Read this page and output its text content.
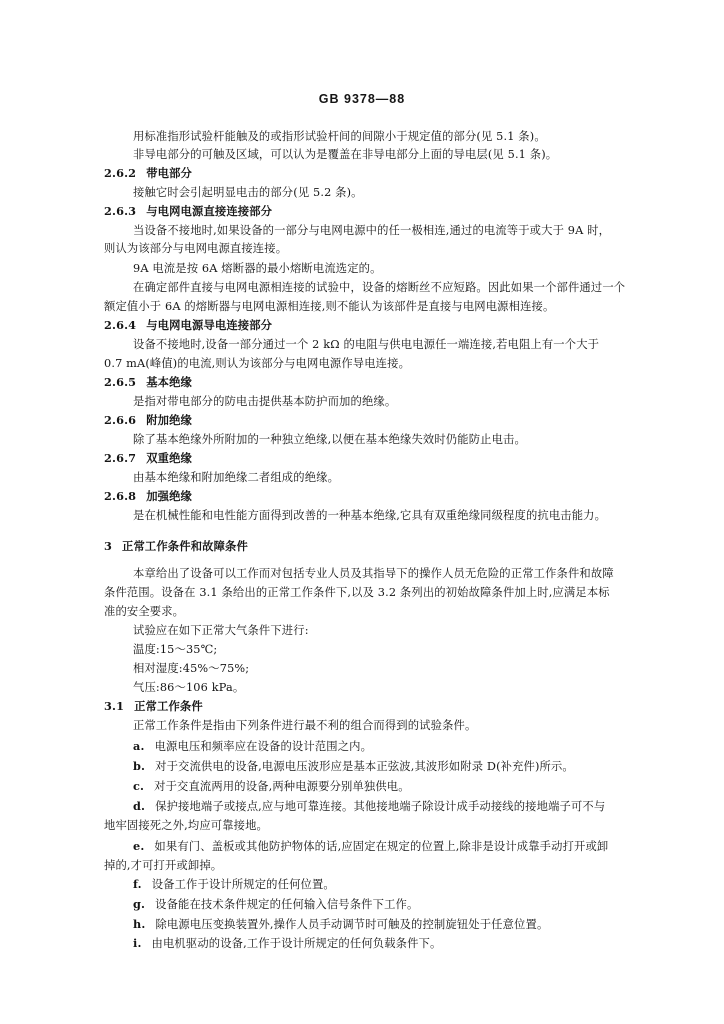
GB 9378—88
用标准指形试验杆能触及的或指形试验杆间的间隙小于规定值的部分(见 5.1 条)。
非导电部分的可触及区域，可以认为是覆盖在非导电部分上面的导电层(见 5.1 条)。
2.6.2 带电部分
接触它时会引起明显电击的部分(见 5.2 条)。
2.6.3 与电网电源直接连接部分
当设备不接地时,如果设备的一部分与电网电源中的任一极相连,通过的电流等于或大于 9A 时，
则认为该部分与电网电源直接连接。
9A 电流是按 6A 熔断器的最小熔断电流选定的。
在确定部件直接与电网电源相连接的试验中，设备的熔断丝不应短路。因此如果一个部件通过一个
额定值小于 6A 的熔断器与电网电源相连接,则不能认为该部件是直接与电网电源相连接。
2.6.4 与电网电源导电连接部分
设备不接地时,设备一部分通过一个 2 kΩ 的电阻与供电电源任一端连接,若电阻上有一个大于
0.7 mA(峰值)的电流,则认为该部分与电网电源作导电连接。
2.6.5 基本绝缘
是指对带电部分的防电击提供基本防护而加的绝缘。
2.6.6 附加绝缘
除了基本绝缘外所附加的一种独立绝缘,以便在基本绝缘失效时仍能防止电击。
2.6.7 双重绝缘
由基本绝缘和附加绝缘二者组成的绝缘。
2.6.8 加强绝缘
是在机械性能和电性能方面得到改善的一种基本绝缘,它具有双重绝缘同级程度的抗电击能力。
3 正常工作条件和故障条件
本章给出了设备可以工作而对包括专业人员及其指导下的操作人员无危险的正常工作条件和故障
条件范围。设备在 3.1 条给出的正常工作条件下,以及 3.2 条列出的初始故障条件加上时,应满足本标
准的安全要求。
试验应在如下正常大气条件下进行:
温度:15～35℃;
相对湿度:45%～75%;
气压:86～106 kPa。
3.1 正常工作条件
正常工作条件是指由下列条件进行最不利的组合而得到的试验条件。
a. 电源电压和频率应在设备的设计范围之内。
b. 对于交流供电的设备,电源电压波形应是基本正弦波,其波形如附录 D(补充件)所示。
c. 对于交直流两用的设备,两种电源要分别单独供电。
d. 保护接地端子或接点,应与地可靠连接。其他接地端子除设计成手动接线的接地端子可不与
地牢固接死之外,均应可靠接地。
e. 如果有门、盖板或其他防护物体的话,应固定在规定的位置上,除非是设计成靠手动打开或卸
掉的,才可打开或卸掉。
f. 设备工作于设计所规定的任何位置。
g. 设备能在技术条件规定的任何输入信号条件下工作。
h. 除电源电压变换装置外,操作人员手动调节时可触及的控制旋钮处于任意位置。
i. 由电机驱动的设备,工作于设计所规定的任何负载条件下。
